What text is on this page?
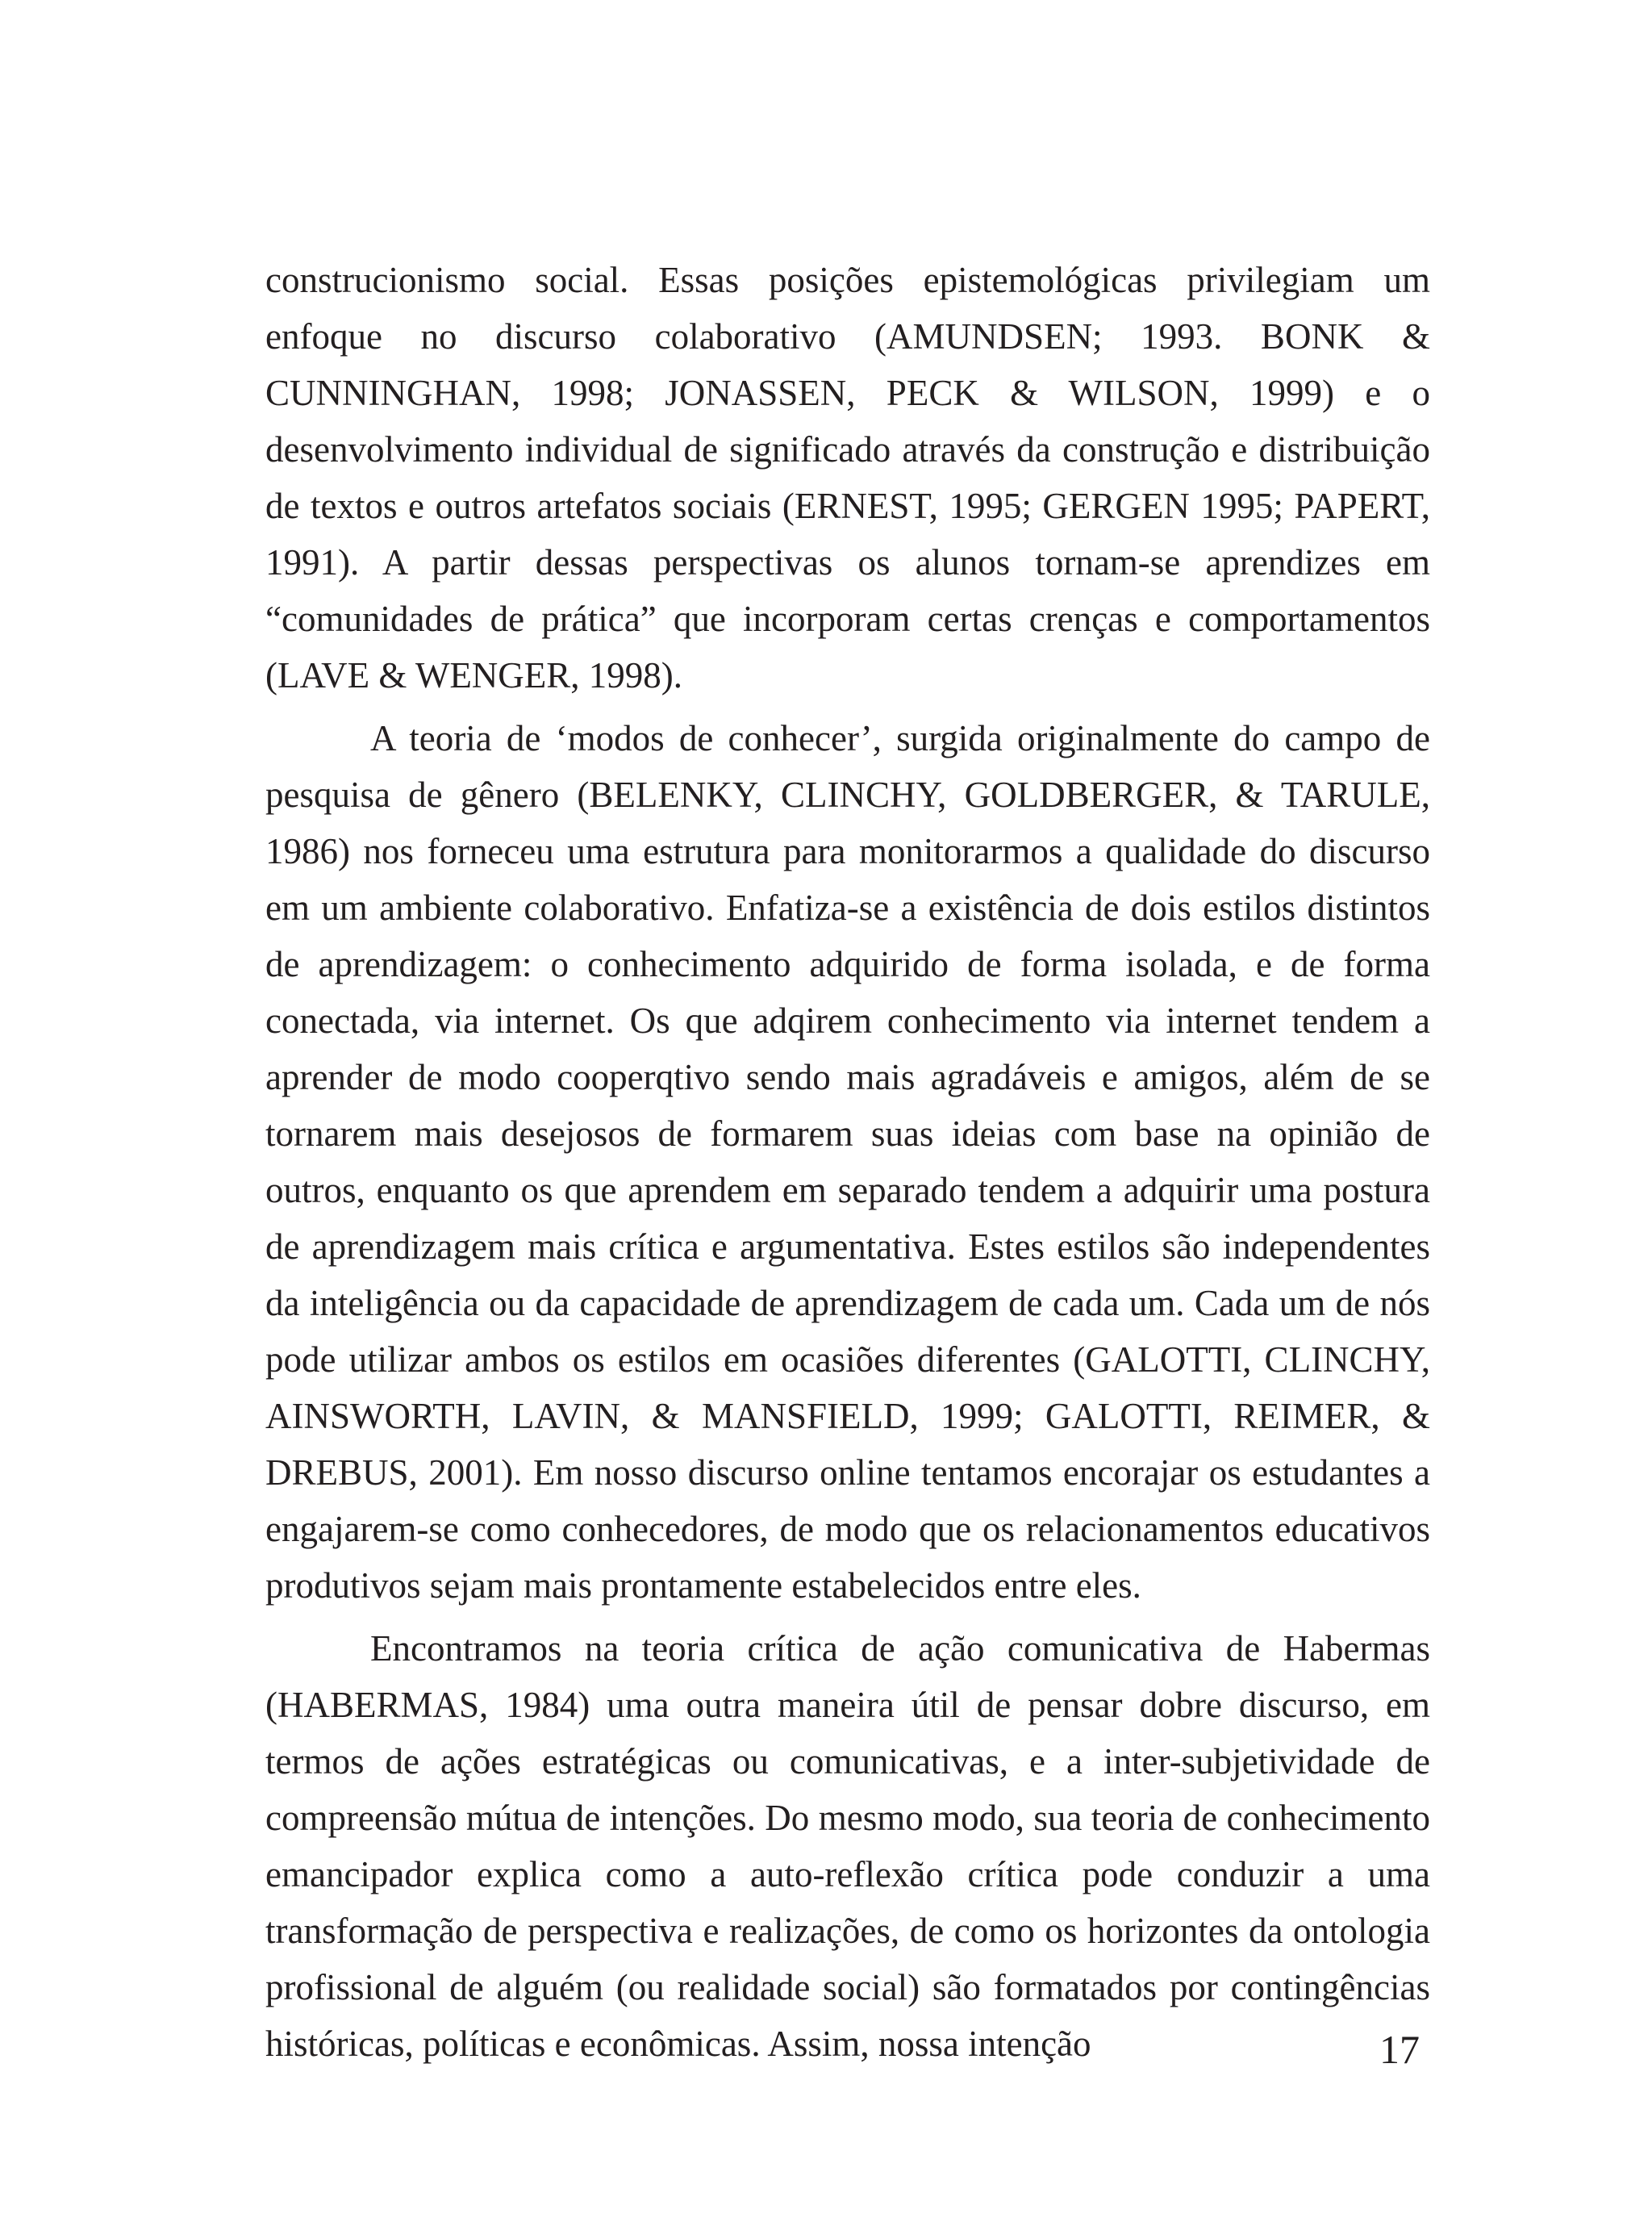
construcionismo social. Essas posições epistemológicas privilegiam um enfoque no discurso colaborativo (AMUNDSEN; 1993. BONK & CUNNINGHAN, 1998; JONASSEN, PECK & WILSON, 1999) e o desenvolvimento individual de significado através da construção e distribuição de textos e outros artefatos sociais (ERNEST, 1995; GERGEN 1995; PAPERT, 1991). A partir dessas perspectivas os alunos tornam-se aprendizes em “comunidades de prática” que incorporam certas crenças e comportamentos (LAVE & WENGER, 1998).

A teoria de ‘modos de conhecer’, surgida originalmente do campo de pesquisa de gênero (BELENKY, CLINCHY, GOLDBERGER, & TARULE, 1986) nos forneceu uma estrutura para monitorarmos a qualidade do discurso em um ambiente colaborativo. Enfatiza-se a existência de dois estilos distintos de aprendizagem: o conhecimento adquirido de forma isolada, e de forma conectada, via internet. Os que adqirem conhecimento via internet tendem a aprender de modo cooperqtivo sendo mais agradáveis e amigos, além de se tornarem mais desejosos de formarem suas ideias com base na opinião de outros, enquanto os que aprendem em separado tendem a adquirir uma postura de aprendizagem mais crítica e argumentativa. Estes estilos são independentes da inteligência ou da capacidade de aprendizagem de cada um. Cada um de nós pode utilizar ambos os estilos em ocasiões diferentes (GALOTTI, CLINCHY, AINSWORTH, LAVIN, & MANSFIELD, 1999; GALOTTI, REIMER, & DREBUS, 2001). Em nosso discurso online tentamos encorajar os estudantes a engajarem-se como conhecedores, de modo que os relacionamentos educativos produtivos sejam mais prontamente estabelecidos entre eles.

Encontramos na teoria crítica de ação comunicativa de Habermas (HABERMAS, 1984) uma outra maneira útil de pensar dobre discurso, em termos de ações estratégicas ou comunicativas, e a inter-subjetividade de compreensão mútua de intenções. Do mesmo modo, sua teoria de conhecimento emancipador explica como a auto-reflexão crítica pode conduzir a uma transformação de perspectiva e realizações, de como os horizontes da ontologia profissional de alguém (ou realidade social) são formatados por contingências históricas, políticas e econômicas. Assim, nossa intenção	17
